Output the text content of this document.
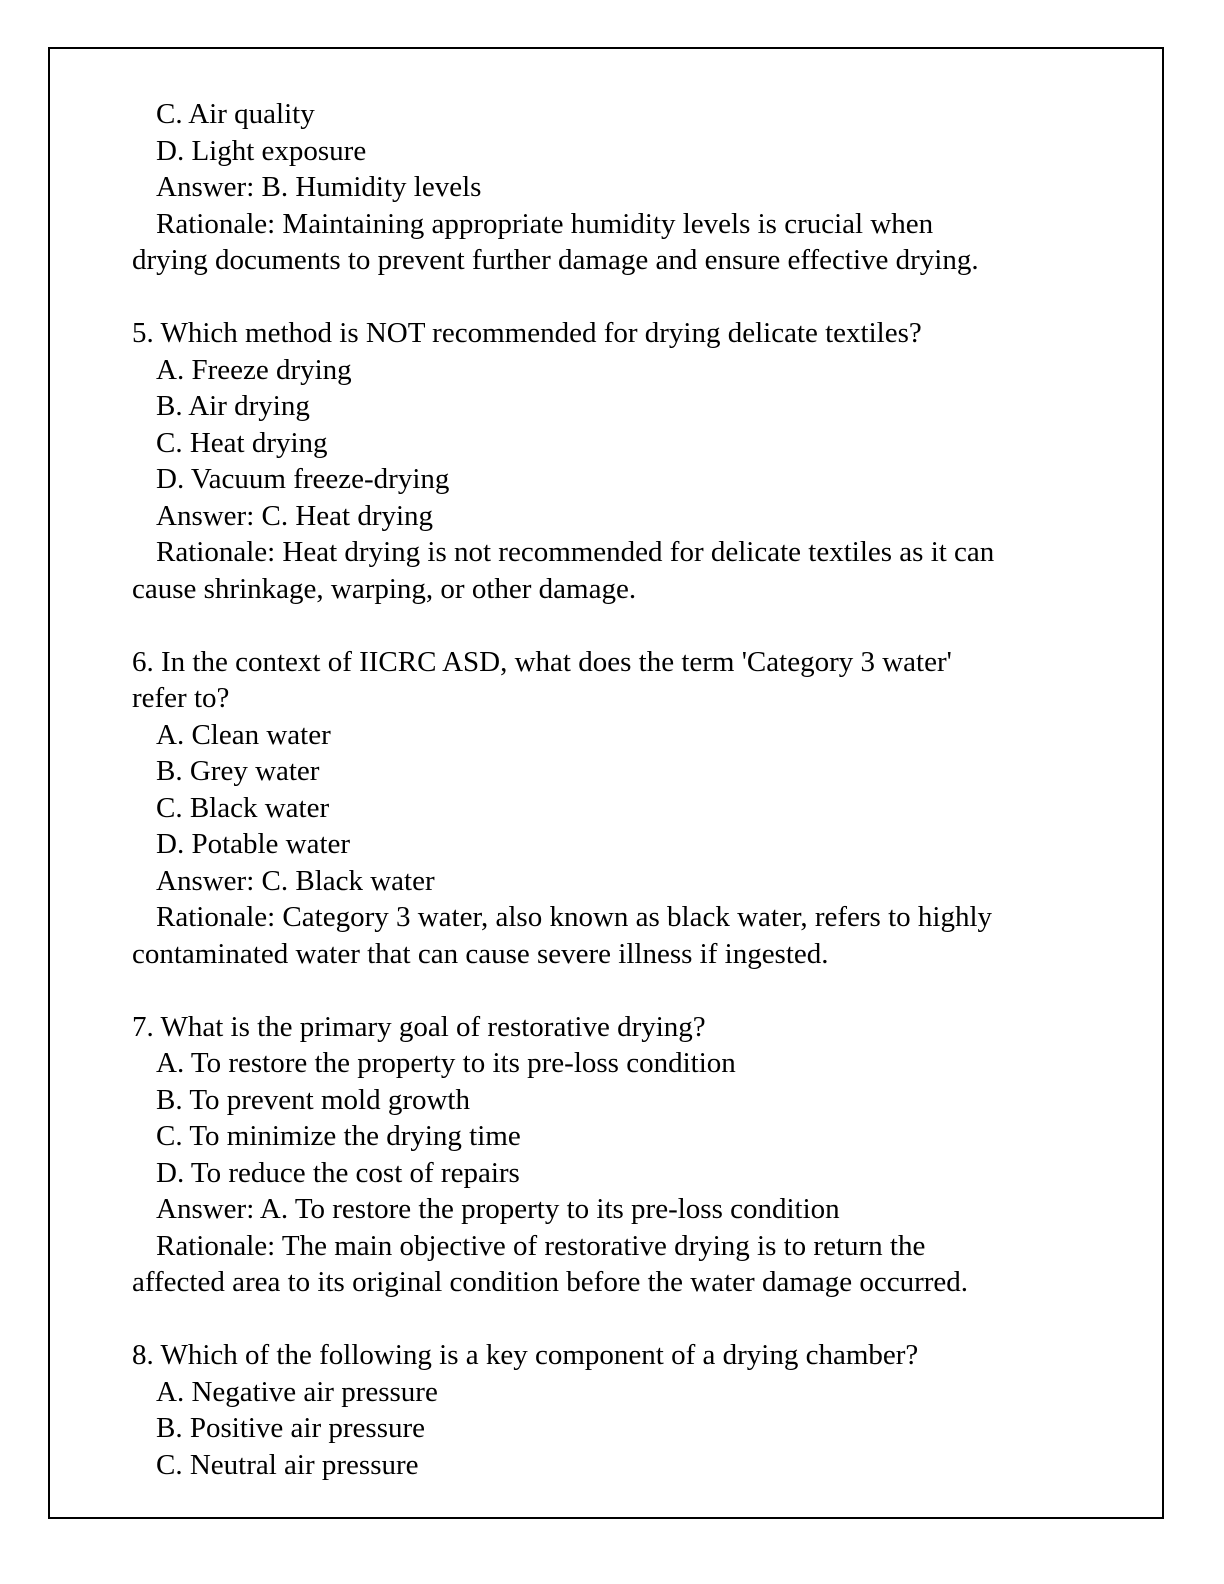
C. Air quality
D. Light exposure
Answer: B. Humidity levels
Rationale: Maintaining appropriate humidity levels is crucial when
drying documents to prevent further damage and ensure effective drying.
5. Which method is NOT recommended for drying delicate textiles?
A. Freeze drying
B. Air drying
C. Heat drying
D. Vacuum freeze-drying
Answer: C. Heat drying
Rationale: Heat drying is not recommended for delicate textiles as it can
cause shrinkage, warping, or other damage.
6. In the context of IICRC ASD, what does the term 'Category 3 water'
refer to?
A. Clean water
B. Grey water
C. Black water
D. Potable water
Answer: C. Black water
Rationale: Category 3 water, also known as black water, refers to highly
contaminated water that can cause severe illness if ingested.
7. What is the primary goal of restorative drying?
A. To restore the property to its pre-loss condition
B. To prevent mold growth
C. To minimize the drying time
D. To reduce the cost of repairs
Answer: A. To restore the property to its pre-loss condition
Rationale: The main objective of restorative drying is to return the
affected area to its original condition before the water damage occurred.
8. Which of the following is a key component of a drying chamber?
A. Negative air pressure
B. Positive air pressure
C. Neutral air pressure
